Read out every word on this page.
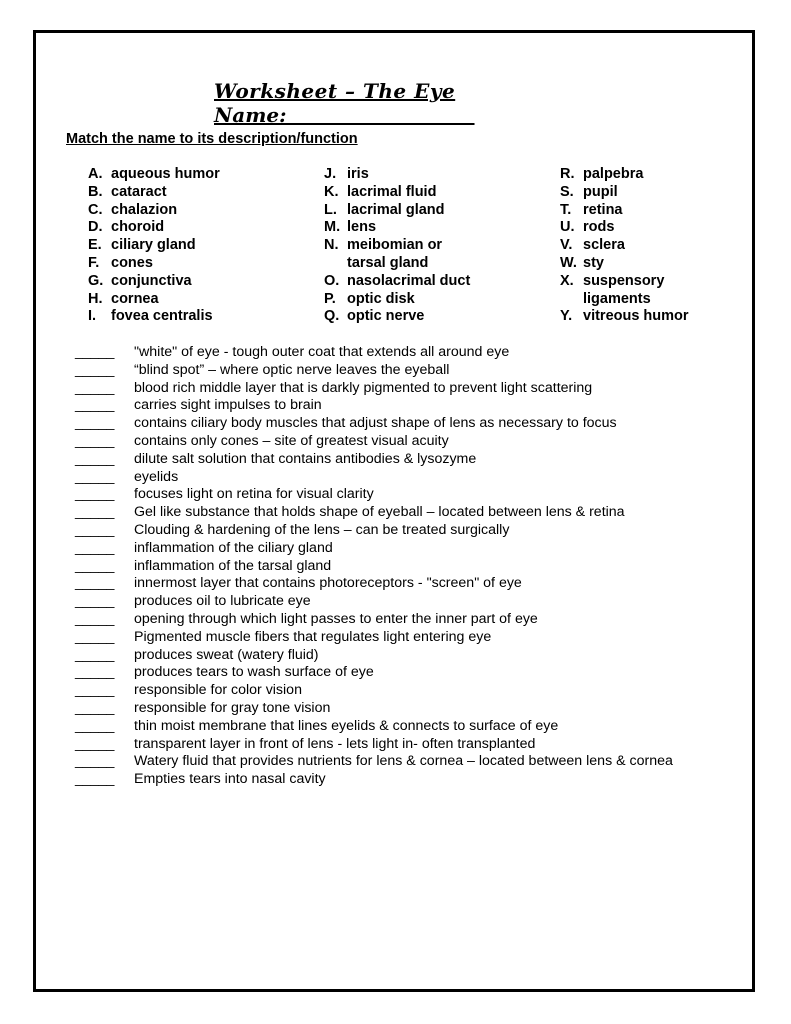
Worksheet – The Eye
Name:
Match the name to its description/function
A. aqueous humor
B. cataract
C. chalazion
D. choroid
E. ciliary gland
F. cones
G. conjunctiva
H. cornea
I. fovea centralis
J. iris
K. lacrimal fluid
L. lacrimal gland
M. lens
N. meibomian or
tarsal gland
O. nasolacrimal duct
P. optic disk
Q. optic nerve
R. palpebra
S. pupil
T. retina
U. rods
V. sclera
W. sty
X. suspensory
ligaments
Y. vitreous humor
_____ "white" of eye - tough outer coat that extends all around eye
_____ “blind spot” – where optic nerve leaves the eyeball
_____ blood rich middle layer that is darkly pigmented to prevent light scattering
_____ carries sight impulses to brain
_____ contains ciliary body muscles that adjust shape of lens as necessary to focus
_____ contains only cones – site of greatest visual acuity
_____ dilute salt solution that contains antibodies & lysozyme
_____ eyelids
_____ focuses light on retina for visual clarity
_____ Gel like substance that holds shape of eyeball – located between lens & retina
_____ Clouding & hardening of the lens – can be treated surgically
_____ inflammation of the ciliary gland
_____ inflammation of the tarsal gland
_____ innermost layer that contains photoreceptors - "screen" of eye
_____ produces oil to lubricate eye
_____ opening through which light passes to enter the inner part of eye
_____ Pigmented muscle fibers that regulates light entering eye
_____ produces sweat (watery fluid)
_____ produces tears to wash surface of eye
_____ responsible for color vision
_____ responsible for gray tone vision
_____ thin moist membrane that lines eyelids & connects to surface of eye
_____ transparent layer in front of lens - lets light in- often transplanted
_____ Watery fluid that provides nutrients for lens & cornea – located between lens & cornea
_____ Empties tears into nasal cavity
